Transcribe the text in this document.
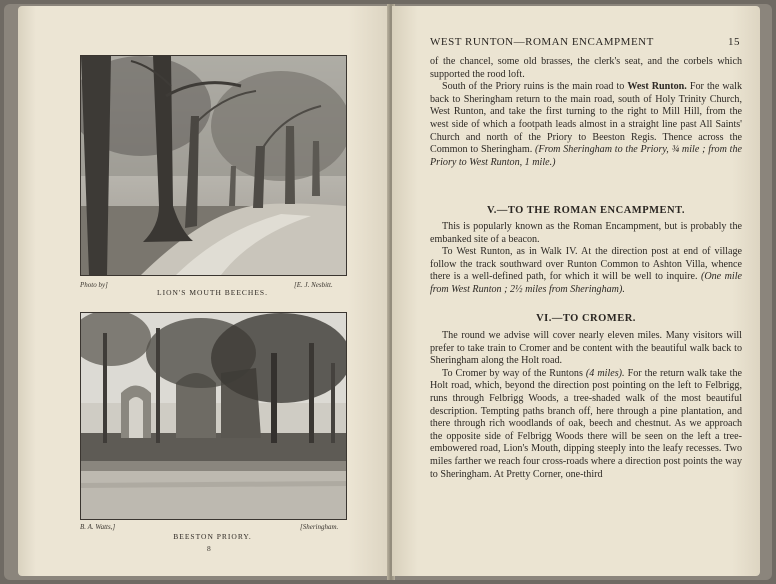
Photo by]	[E. J. Nesbitt.
LION'S MOUTH BEECHES.
B. A. Watts,]	[Sheringham.
BEESTON PRIORY.
8
WEST RUNTON—ROMAN ENCAMPMENT	15

of the chancel, some old brasses, the clerk's seat, and the corbels which supported the rood loft.

South of the Priory ruins is the main road to West Runton. For the walk back to Sheringham return to the main road, south of Holy Trinity Church, West Runton, and take the first turning to the right to Mill Hill, from the west side of which a footpath leads almost in a straight line past All Saints' Church and north of the Priory to Beeston Regis. Thence across the Common to Sheringham. (From Sheringham to the Priory, ¾ mile ; from the Priory to West Runton, 1 mile.)

V.—TO THE ROMAN ENCAMPMENT.

This is popularly known as the Roman Encampment, but is probably the embanked site of a beacon.

To West Runton, as in Walk IV. At the direction post at end of village follow the track southward over Runton Common to Ashton Villa, whence there is a well-defined path, for which it will be well to inquire. (One mile from West Runton ; 2½ miles from Sheringham).

VI.—TO CROMER.

The round we advise will cover nearly eleven miles. Many visitors will prefer to take train to Cromer and be content with the beautiful walk back to Sheringham along the Holt road.

To Cromer by way of the Runtons (4 miles). For the return walk take the Holt road, which, beyond the direction post pointing on the left to Felbrigg, runs through Felbrigg Woods, a tree-shaded walk of the most beautiful description. Tempting paths branch off, here through a pine plantation, and there through rich woodlands of oak, beech and chestnut. As we approach the opposite side of Felbrigg Woods there will be seen on the left a tree-embowered road, Lion's Mouth, dipping steeply into the leafy recesses. Two miles farther we reach four cross-roads where a direction post points the way to Sheringham. At Pretty Corner, one-third
